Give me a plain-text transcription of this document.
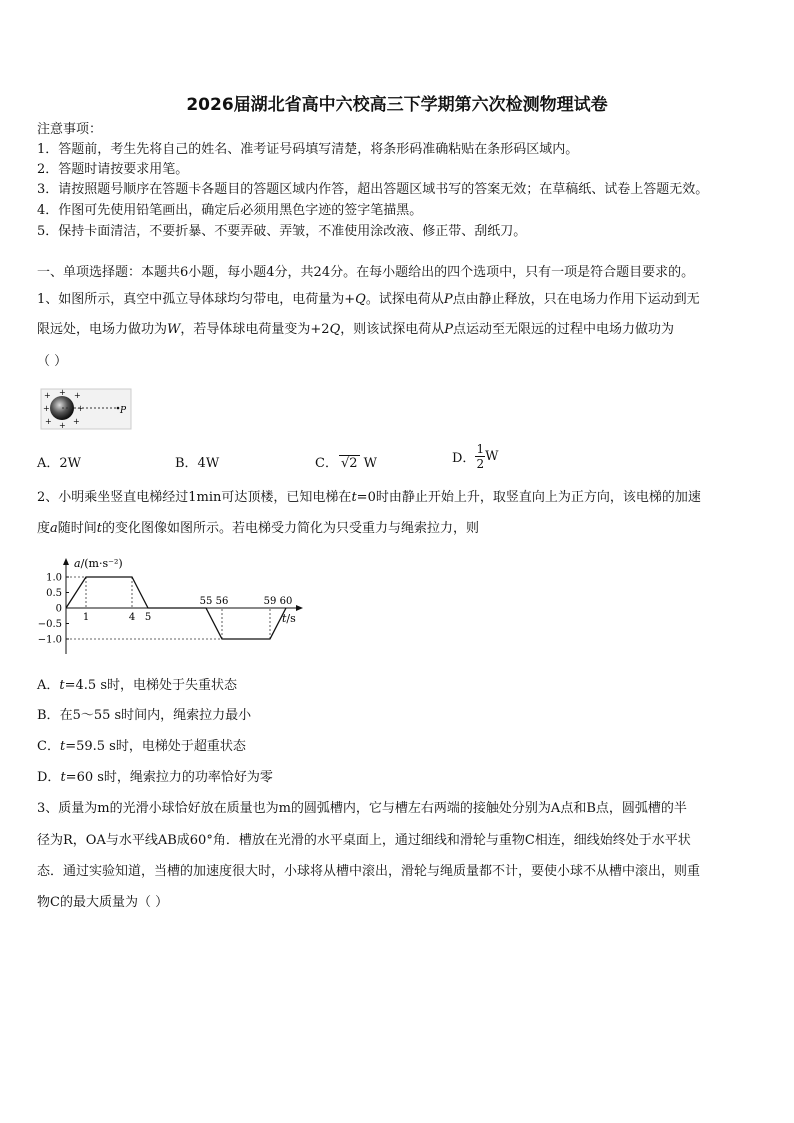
2026届湖北省高中六校高三下学期第六次检测物理试卷
注意事项：
1．答题前，考生先将自己的姓名、准考证号码填写清楚，将条形码准确粘贴在条形码区域内。
2．答题时请按要求用笔。
3．请按照题号顺序在答题卡各题目的答题区域内作答，超出答题区域书写的答案无效；在草稿纸、试卷上答题无效。
4．作图可先使用铅笔画出，确定后必须用黑色字迹的签字笔描黑。
5．保持卡面清洁，不要折暴、不要弄破、弄皱，不准使用涂改液、修正带、刮纸刀。
一、单项选择题：本题共6小题，每小题4分，共24分。在每小题给出的四个选项中，只有一项是符合题目要求的。
1、如图所示，真空中孤立导体球均匀带电，电荷量为+Q。试探电荷从P点由静止释放，只在电场力作用下运动到无
限远处，电场力做功为W，若导体球电荷量变为+2Q，则该试探电荷从P点运动至无限远的过程中电场力做功为
（ ）
+ + +
+	+
+ + +
P
A．2W	B．4W	C． √2 W	D． $\frac{1}{2}$ W
2、小明乘坐竖直电梯经过1min可达顶楼，已知电梯在t=0时由静止开始上升，取竖直向上为正方向，该电梯的加速
度a随时间t的变化图像如图所示。若电梯受力简化为只受重力与绳索拉力，则
a/(m·s⁻²)
t/s
1.0
0.5
0
−0.5
−1.0
1	4 5
55 56	59 60
A．t=4.5 s时，电梯处于失重状态
B．在5～55 s时间内，绳索拉力最小
C．t=59.5 s时，电梯处于超重状态
D．t=60 s时，绳索拉力的功率恰好为零
3、质量为m的光滑小球恰好放在质量也为m的圆弧槽内，它与槽左右两端的接触处分别为A点和B点，圆弧槽的半
径为R，OA与水平线AB成60°角．槽放在光滑的水平桌面上，通过细线和滑轮与重物C相连，细线始终处于水平状
态．通过实验知道，当槽的加速度很大时，小球将从槽中滚出，滑轮与绳质量都不计，要使小球不从槽中滚出，则重
物C的最大质量为（ ）
